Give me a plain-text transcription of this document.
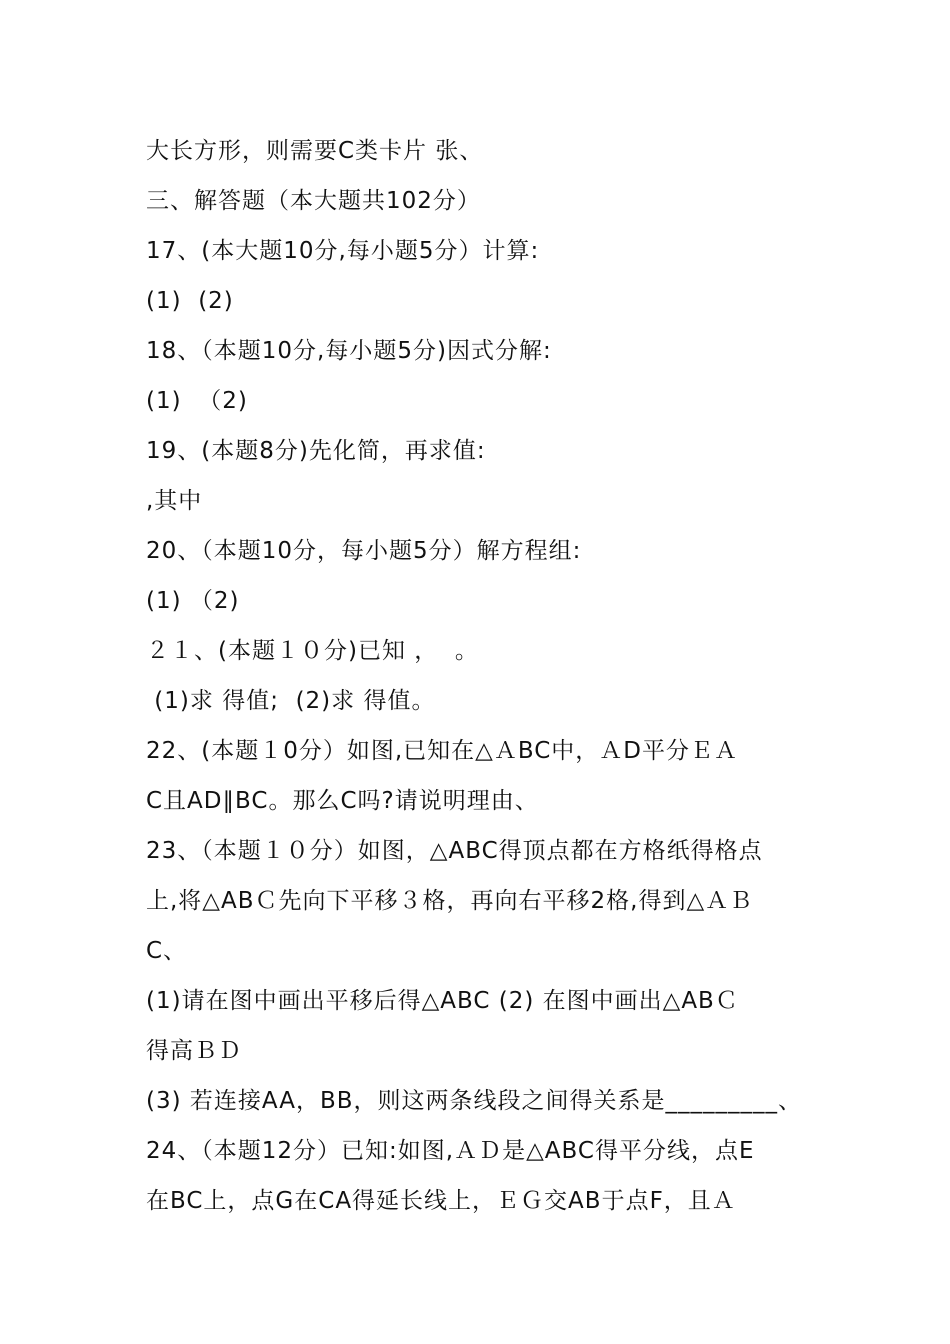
大长方形，则需要C类卡片 张、
三、解答题（本大题共102分）
17、(本大题10分,每小题5分）计算:
(1)  (2)
18、（本题10分,每小题5分)因式分解:
(1)  （2)
19、(本题8分)先化简，再求值:
,其中
20、（本题10分，每小题5分）解方程组:
(1) （2)
２１、(本题１０分)已知 ，  。
(1)求 得值;  (2)求 得值。
22、(本题１0分）如图,已知在△ＡBC中，ＡD平分ＥＡ
C且AD∥BC。那么C吗?请说明理由、
23、（本题１０分）如图，△ABC得顶点都在方格纸得格点
上,将△ABＣ先向下平移３格，再向右平移2格,得到△ＡＢ
C、
(1)请在图中画出平移后得△ABC (2) 在图中画出△ABＣ
得高ＢＤ
(3) 若连接AA，BB，则这两条线段之间得关系是_________、
24、（本题12分）已知:如图,ＡＤ是△ABC得平分线，点E
在BC上，点G在CA得延长线上，ＥＧ交AB于点F，且Ａ
